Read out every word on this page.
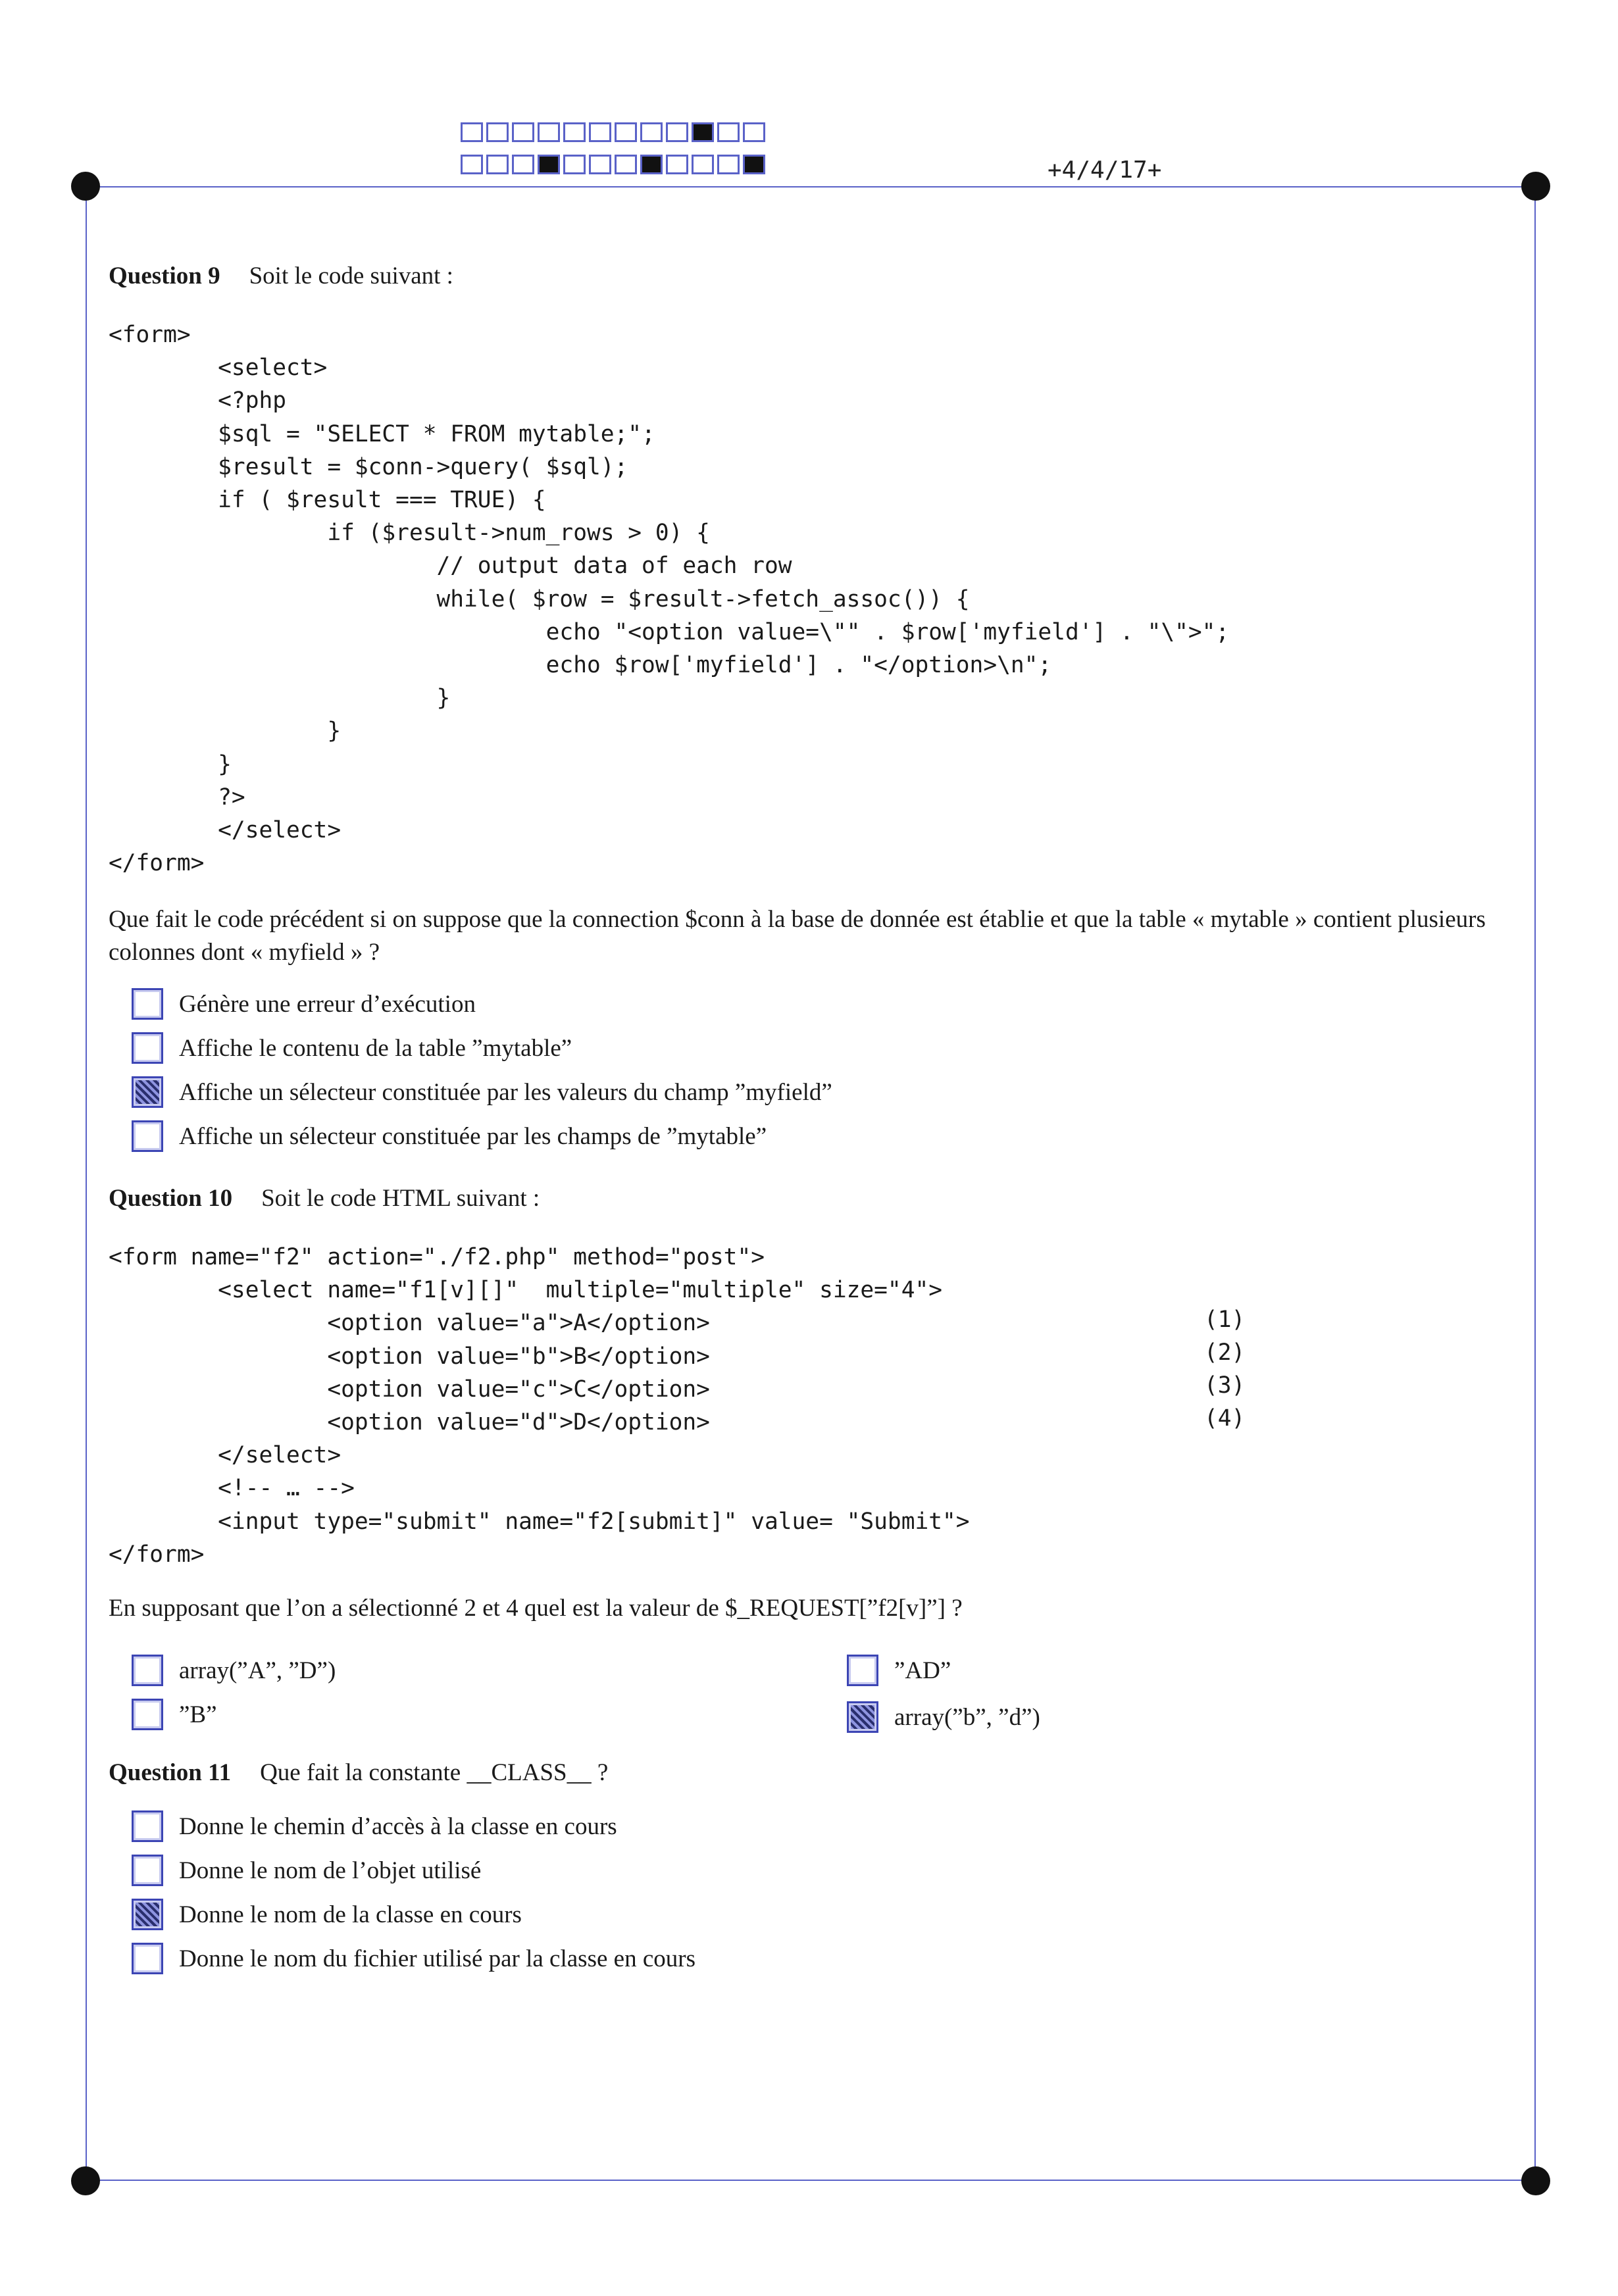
+4/4/17+
Question 9 Soit le code suivant :
<form>
<select>
<?php
$sql = "SELECT * FROM mytable;";
$result = $conn->query( $sql);
if ( $result === TRUE) {
if ($result->num_rows > 0) {
// output data of each row
while( $row = $result->fetch_assoc()) {
echo "<option value=\"" . $row['myfield'] . "\">";
echo $row['myfield'] . "</option>\n";
}
}
}
?>
</select>
</form>
Que fait le code précédent si on suppose que la connection $conn à la base de donnée est établie et que la table « mytable » contient plusieurs colonnes dont « myfield » ?
Génère une erreur d’exécution
Affiche le contenu de la table ”mytable”
Affiche un sélecteur constituée par les valeurs du champ ”myfield”
Affiche un sélecteur constituée par les champs de ”mytable”
Question 10 Soit le code HTML suivant :
<form name="f2" action="./f2.php" method="post">
<select name="f1[v][]"  multiple="multiple" size="4">
<option value="a">A</option>
<option value="b">B</option>
<option value="c">C</option>
<option value="d">D</option>
</select>
<!-- … -->
<input type="submit" name="f2[submit]" value= "Submit">
</form>
(1)
(2)
(3)
(4)
En supposant que l’on a sélectionné 2 et 4 quel est la valeur de $_REQUEST[”f2[v]”] ?
array(”A”, ”D”)	”AD”
”B”	array(”b”, ”d”)
Question 11 Que fait la constante __CLASS__ ?
Donne le chemin d’accès à la classe en cours
Donne le nom de l’objet utilisé
Donne le nom de la classe en cours
Donne le nom du fichier utilisé par la classe en cours
